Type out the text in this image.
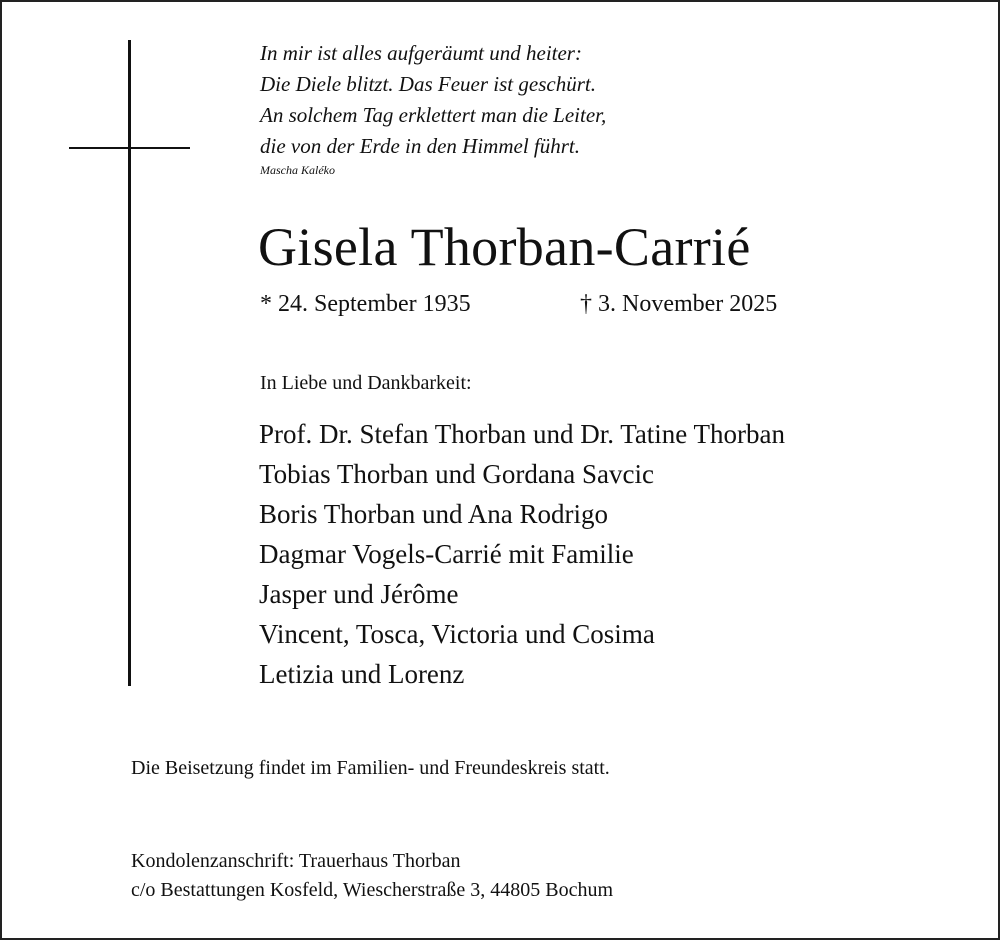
In mir ist alles aufgeräumt und heiter:
Die Diele blitzt. Das Feuer ist geschürt.
An solchem Tag erklettert man die Leiter,
die von der Erde in den Himmel führt.
Mascha Kaléko
Gisela Thorban-Carrié
* 24. September 1935	† 3. November 2025
In Liebe und Dankbarkeit:
Prof. Dr. Stefan Thorban und Dr. Tatine Thorban
Tobias Thorban und Gordana Savcic
Boris Thorban und Ana Rodrigo
Dagmar Vogels-Carrié mit Familie
Jasper und Jérôme
Vincent, Tosca, Victoria und Cosima
Letizia und Lorenz
Die Beisetzung findet im Familien- und Freundeskreis statt.
Kondolenzanschrift: Trauerhaus Thorban
c/o Bestattungen Kosfeld, Wiescherstraße 3, 44805 Bochum
